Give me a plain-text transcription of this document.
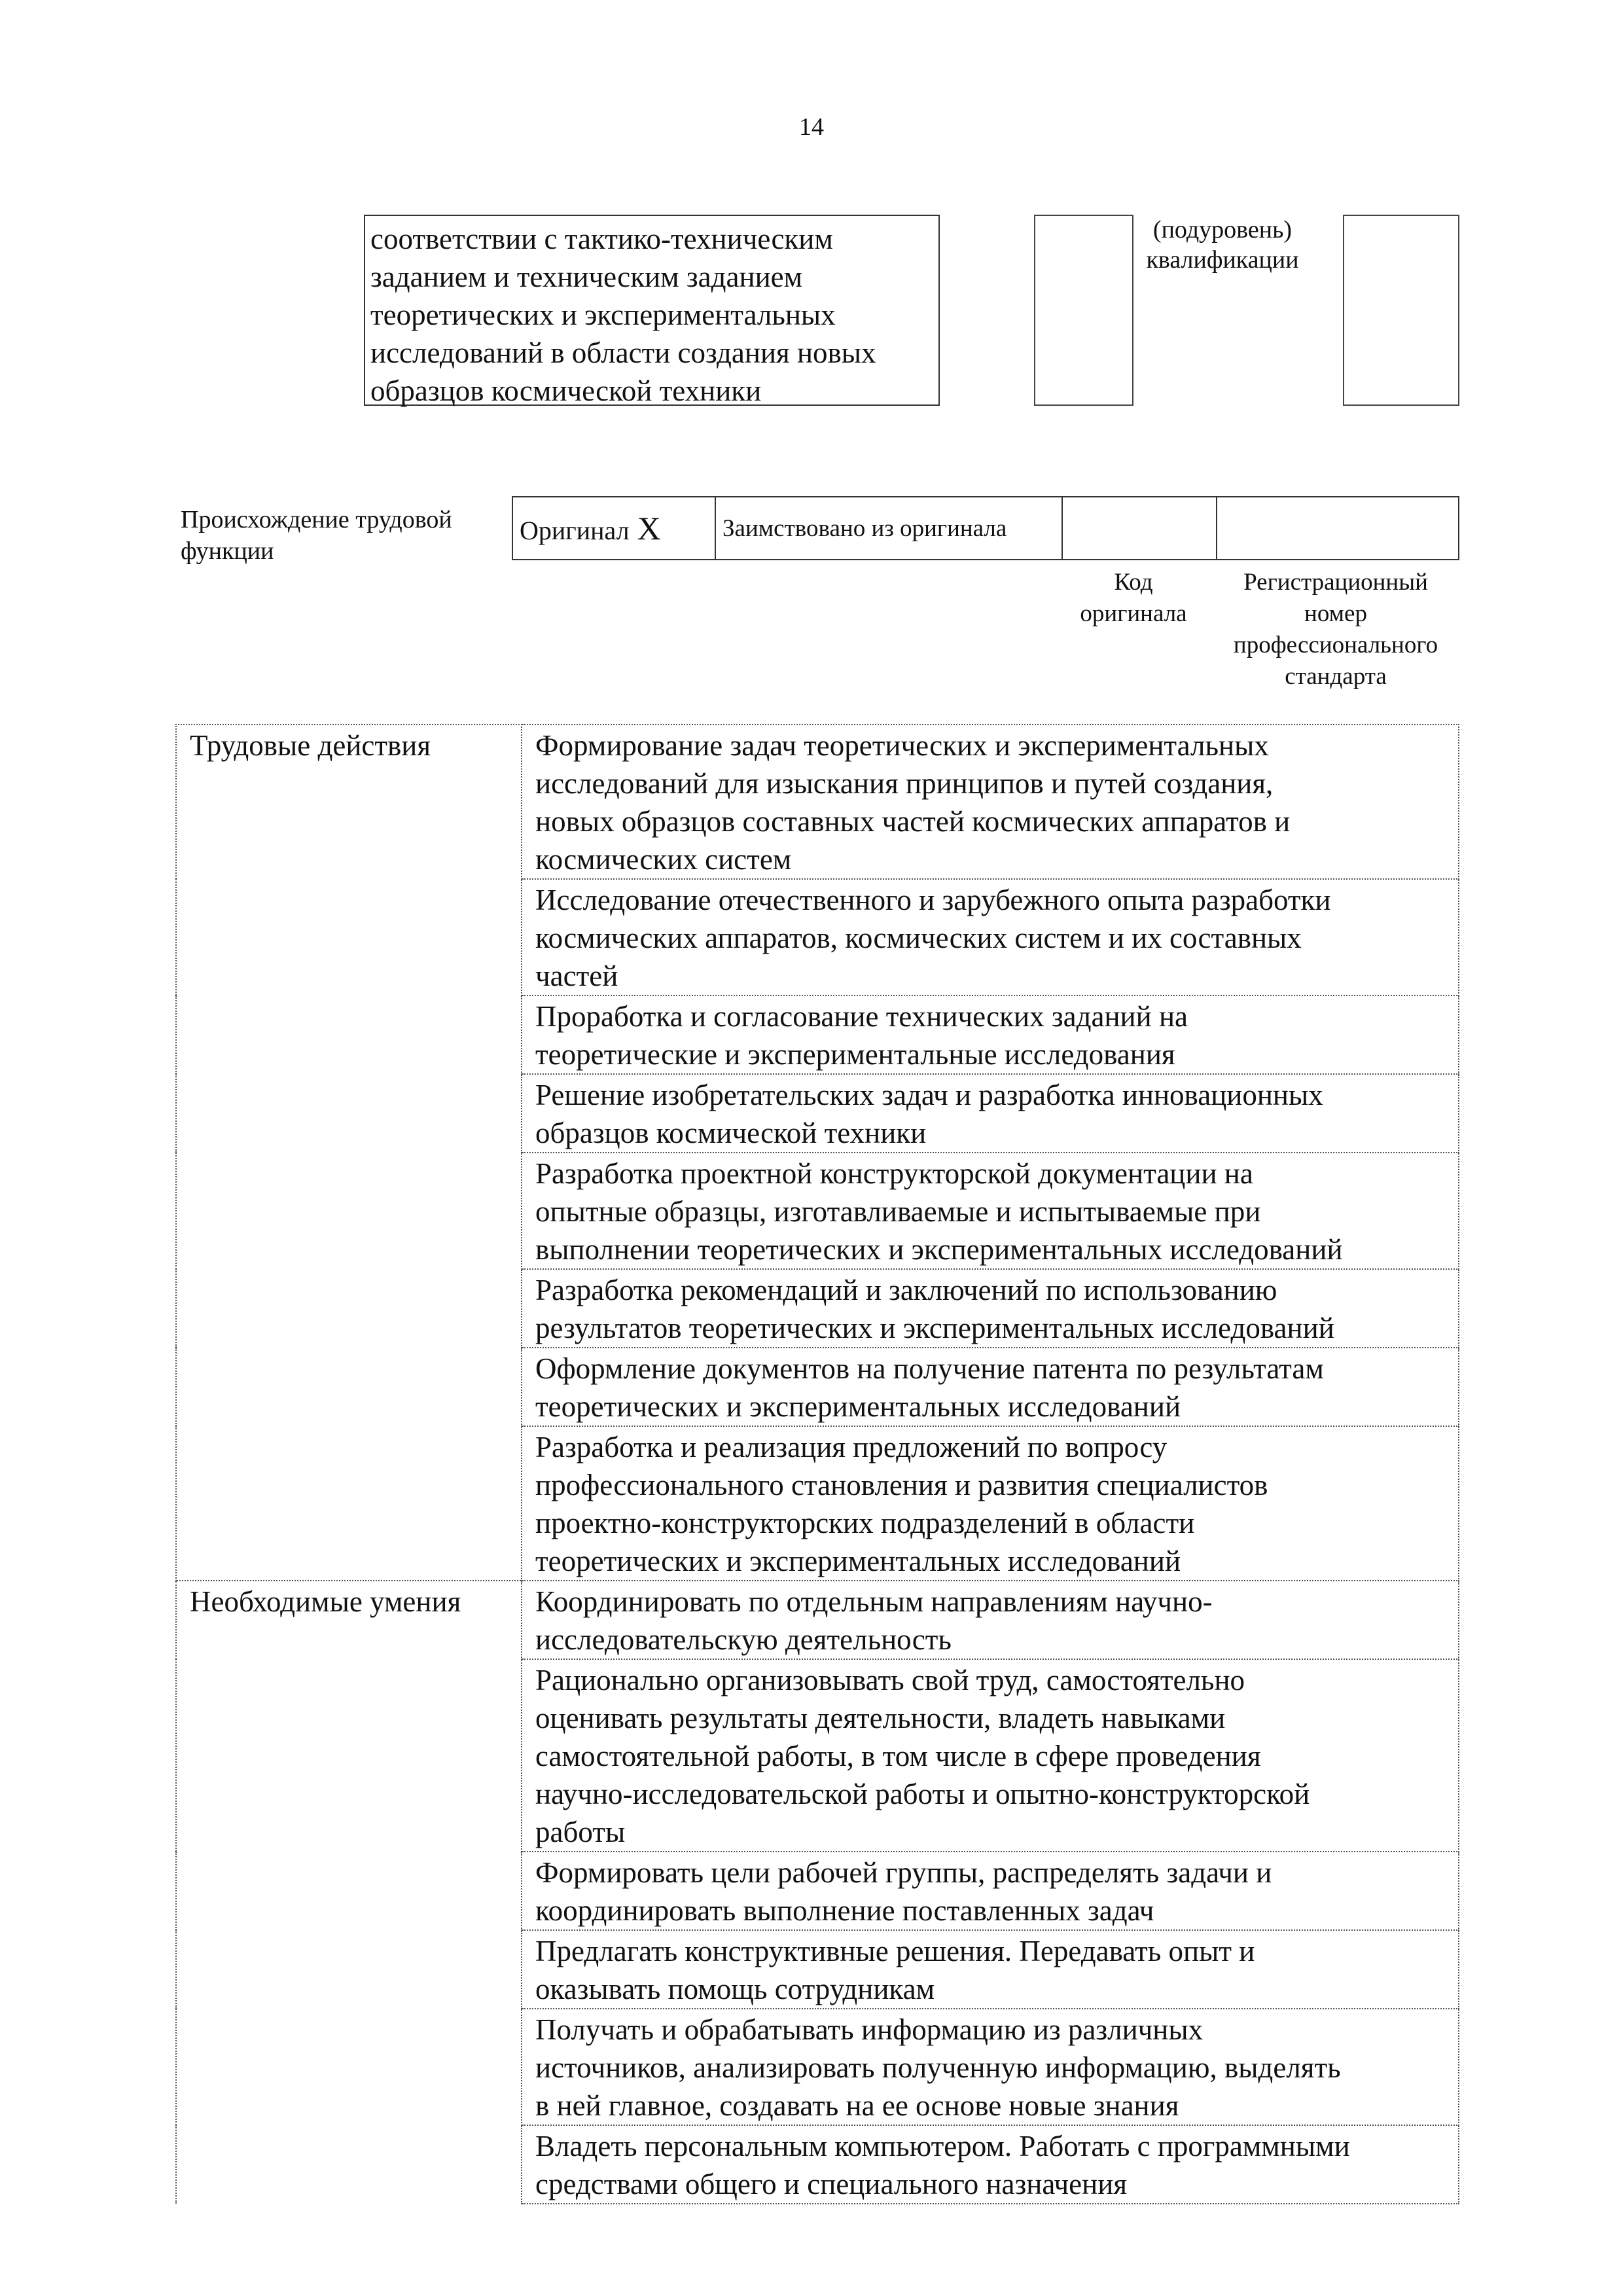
14
соответствии с тактико-техническим
заданием и техническим заданием
теоретических и экспериментальных
исследований в области создания новых
образцов космической техники
(подуровень)
квалификации
Происхождение трудовой
функции
Оригинал X	Заимствовано из оригинала		
Код
оригинала
Регистрационный
номер
профессионального
стандарта
Трудовые действия	Формирование задач теоретических и экспериментальных
исследований для изыскания принципов и путей создания,
новых образцов составных частей космических аппаратов и
космических систем

	Исследование отечественного и зарубежного опыта разработки
космических аппаратов, космических систем и их составных
частей

	Проработка и согласование технических заданий на
теоретические и экспериментальные исследования

	Решение изобретательских задач и разработка инновационных
образцов космической техники

	Разработка проектной конструкторской документации на
опытные образцы, изготавливаемые и испытываемые при
выполнении теоретических и экспериментальных исследований

	Разработка рекомендаций и заключений по использованию
результатов теоретических и экспериментальных исследований

	Оформление документов на получение патента по результатам
теоретических и экспериментальных исследований

	Разработка и реализация предложений по вопросу
профессионального становления и развития специалистов
проектно-конструкторских подразделений в области
теоретических и экспериментальных исследований

Необходимые умения	Координировать по отдельным направлениям научно-
исследовательскую деятельность

	Рационально организовывать свой труд, самостоятельно
оценивать результаты деятельности, владеть навыками
самостоятельной работы, в том числе в сфере проведения
научно-исследовательской работы и опытно-конструкторской
работы

	Формировать цели рабочей группы, распределять задачи и
координировать выполнение поставленных задач

	Предлагать конструктивные решения. Передавать опыт и
оказывать помощь сотрудникам

	Получать и обрабатывать информацию из различных
источников, анализировать полученную информацию, выделять
в ней главное, создавать на ее основе новые знания

	Владеть персональным компьютером. Работать с программными
средствами общего и специального назначения
